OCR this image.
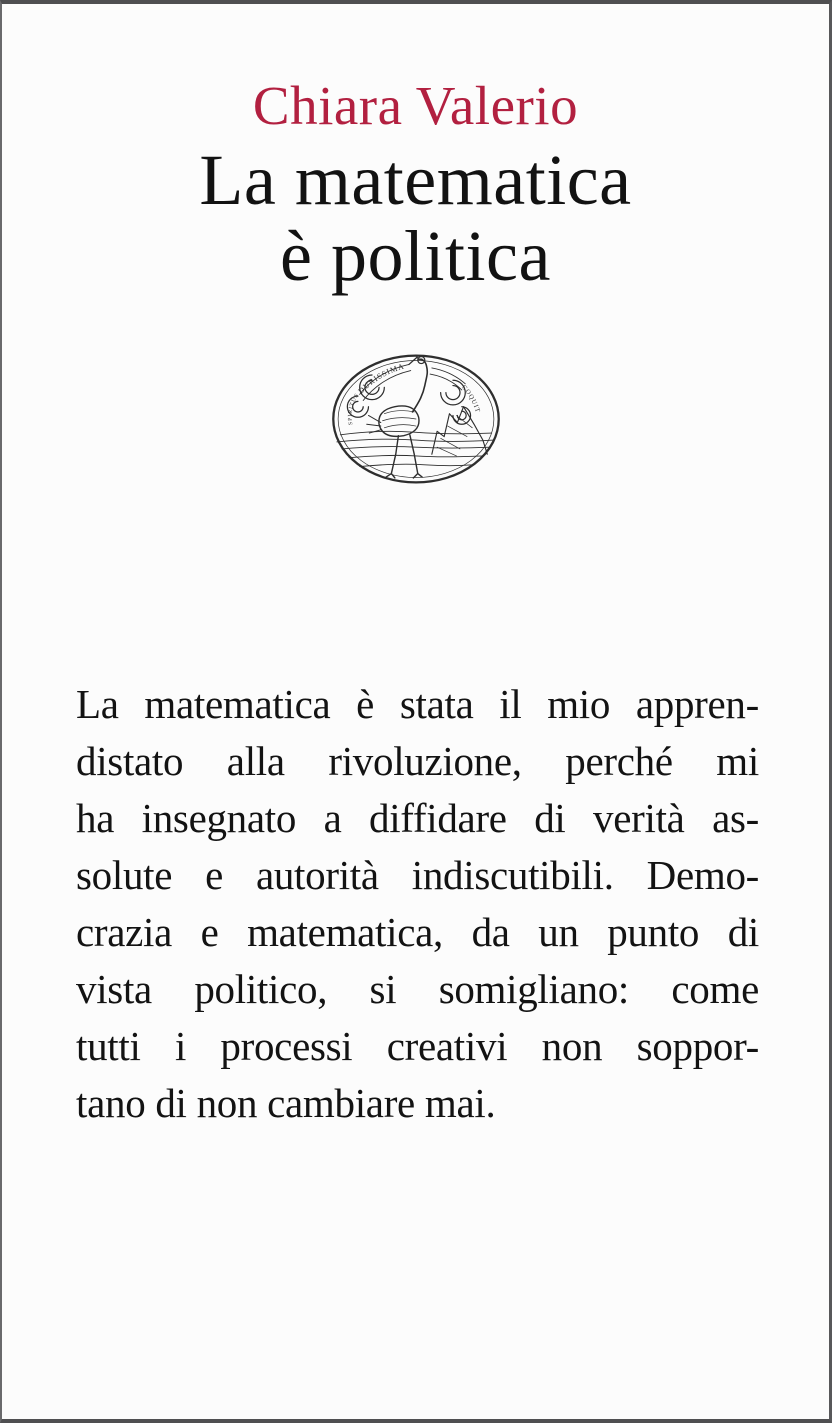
Chiara Valerio
La matematica
è politica
DURISSIMA
SPIRITUS
COQUIT
La matematica è stata il mio appren-
distato alla rivoluzione, perché mi
ha insegnato a diffidare di verità as-
solute e autorità indiscutibili. Demo-
crazia e matematica, da un punto di
vista politico, si somigliano: come
tutti i processi creativi non soppor-
tano di non cambiare mai.
